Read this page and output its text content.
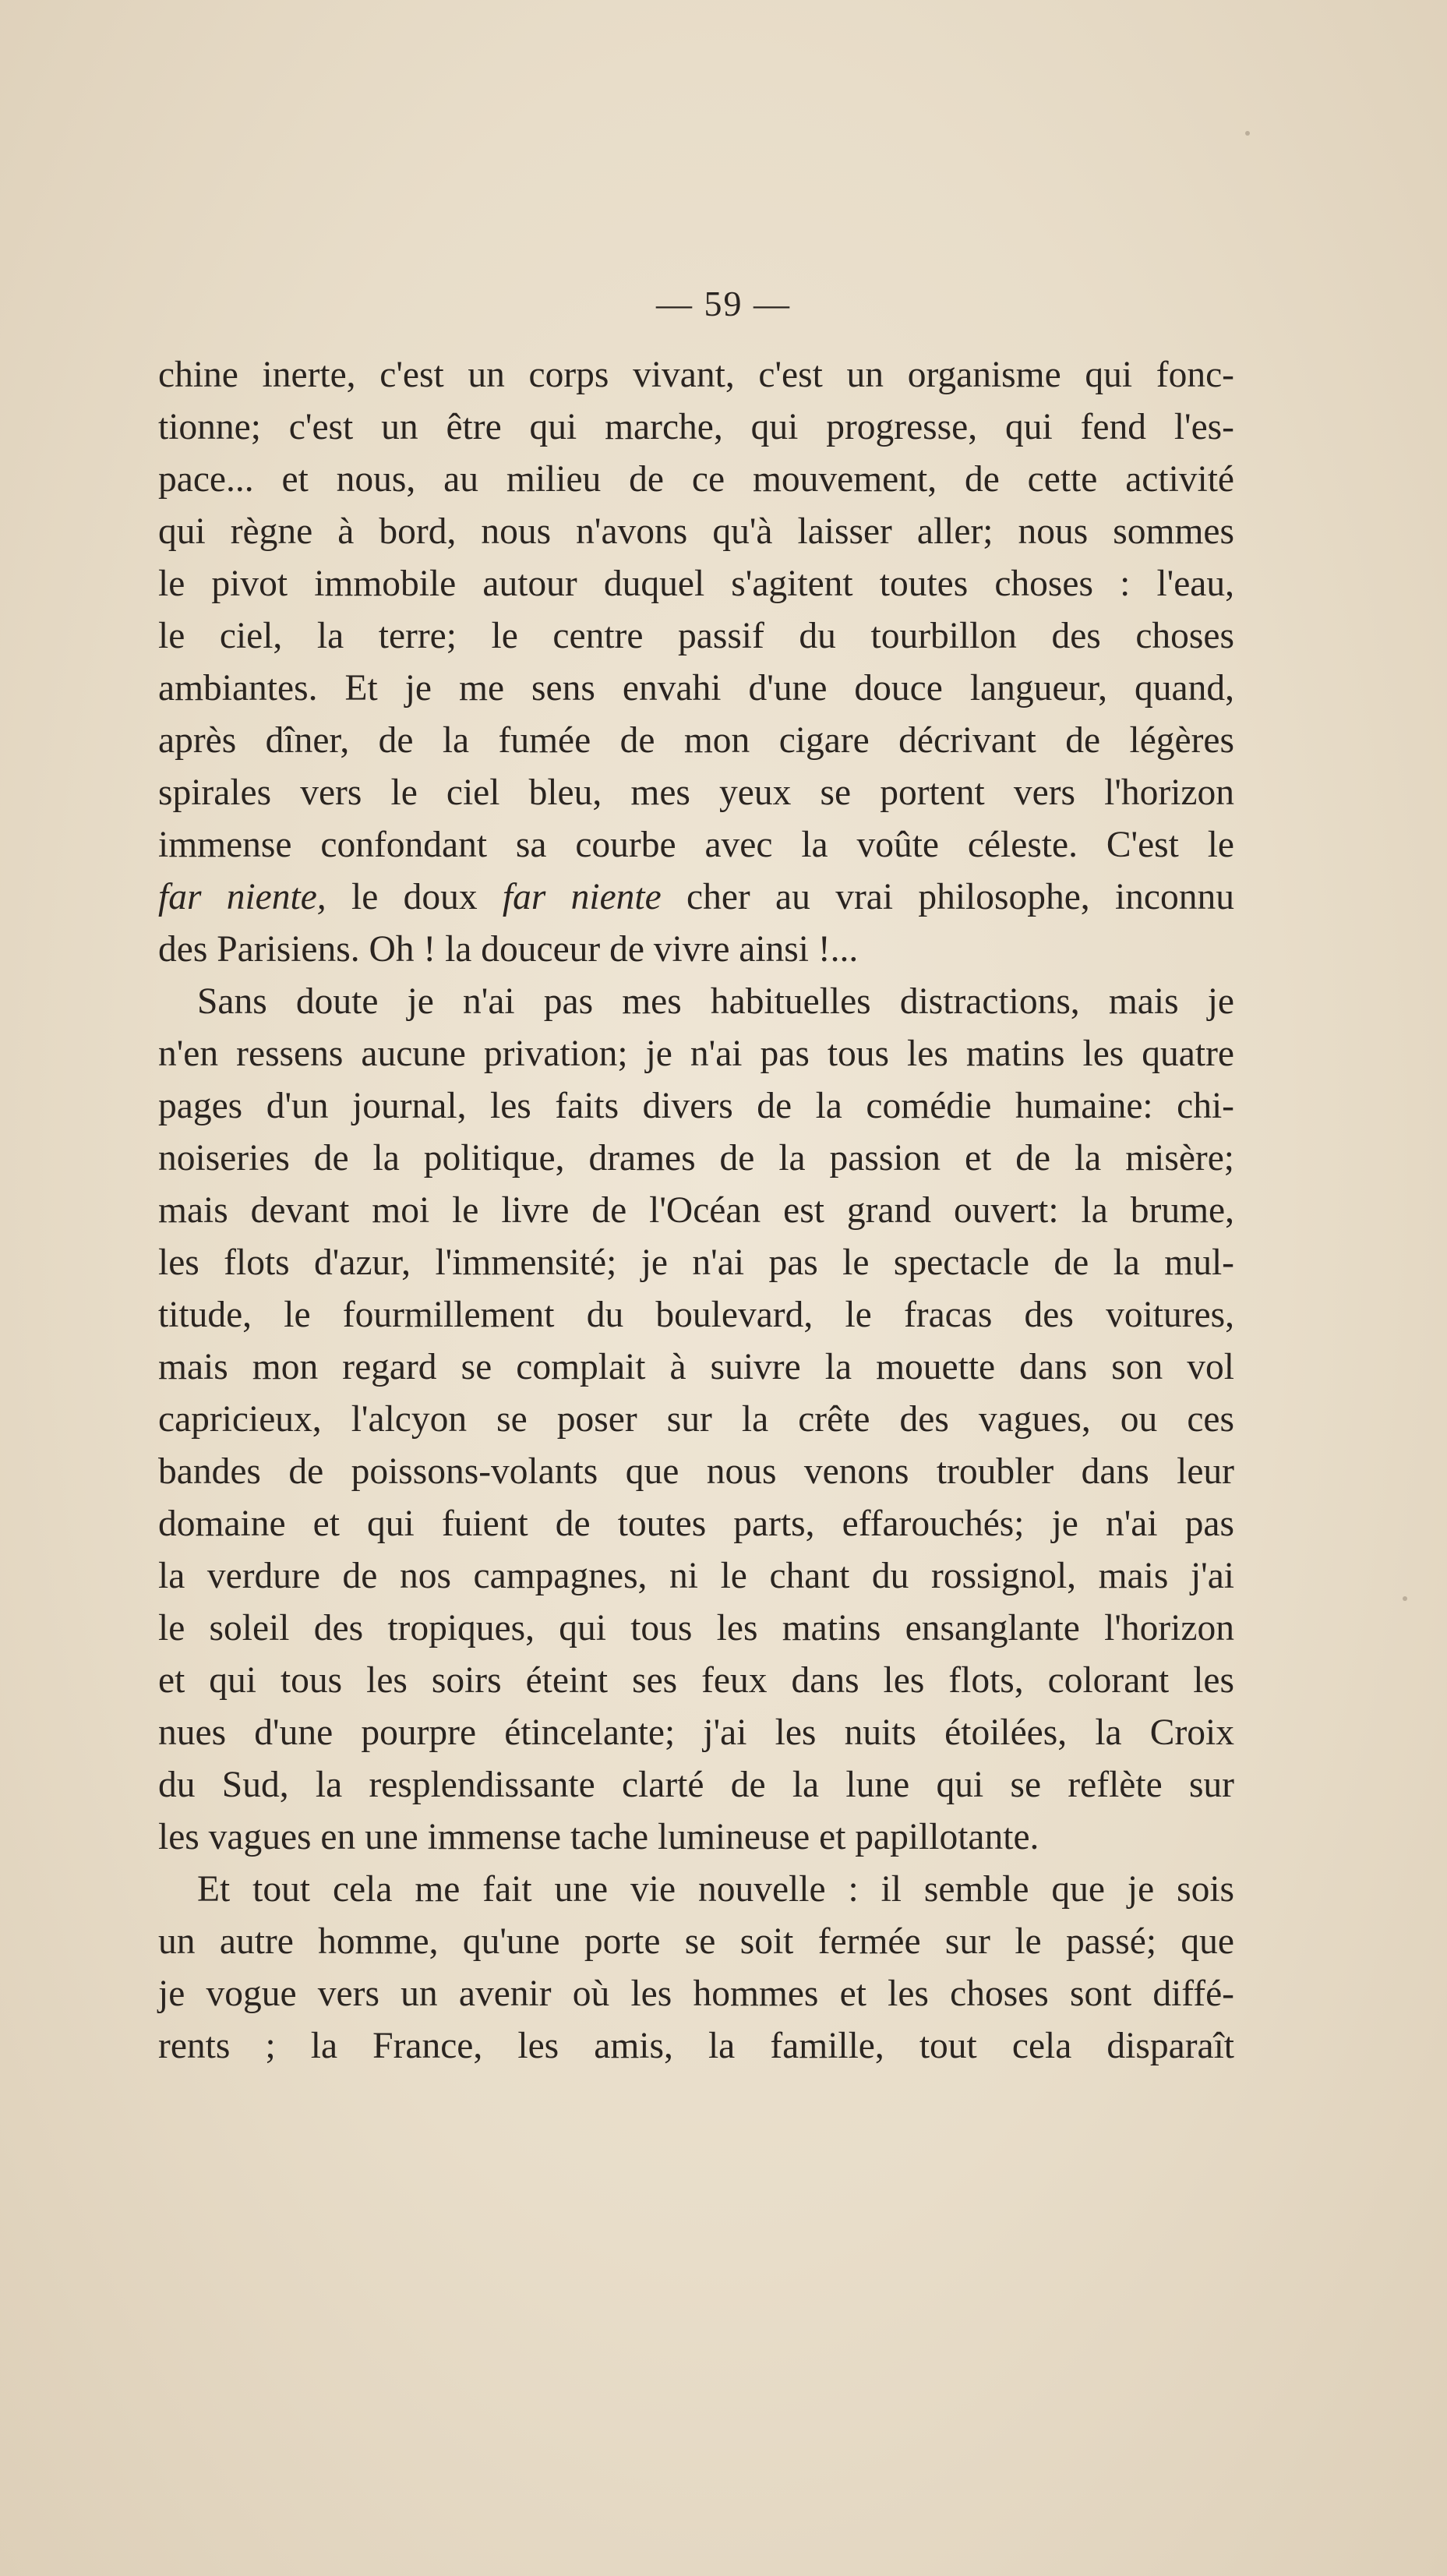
— 59 —
chine inerte, c'est un corps vivant, c'est un organisme qui fonc-
tionne; c'est un être qui marche, qui progresse, qui fend l'es-
pace... et nous, au milieu de ce mouvement, de cette activité
qui règne à bord, nous n'avons qu'à laisser aller; nous sommes
le pivot immobile autour duquel s'agitent toutes choses : l'eau,
le ciel, la terre; le centre passif du tourbillon des choses
ambiantes. Et je me sens envahi d'une douce langueur, quand,
après dîner, de la fumée de mon cigare décrivant de légères
spirales vers le ciel bleu, mes yeux se portent vers l'horizon
immense confondant sa courbe avec la voûte céleste. C'est le
far niente, le doux far niente cher au vrai philosophe, inconnu
des Parisiens. Oh ! la douceur de vivre ainsi !...
Sans doute je n'ai pas mes habituelles distractions, mais je
n'en ressens aucune privation; je n'ai pas tous les matins les quatre
pages d'un journal, les faits divers de la comédie humaine: chi-
noiseries de la politique, drames de la passion et de la misère;
mais devant moi le livre de l'Océan est grand ouvert: la brume,
les flots d'azur, l'immensité; je n'ai pas le spectacle de la mul-
titude, le fourmillement du boulevard, le fracas des voitures,
mais mon regard se complait à suivre la mouette dans son vol
capricieux, l'alcyon se poser sur la crête des vagues, ou ces
bandes de poissons-volants que nous venons troubler dans leur
domaine et qui fuient de toutes parts, effarouchés; je n'ai pas
la verdure de nos campagnes, ni le chant du rossignol, mais j'ai
le soleil des tropiques, qui tous les matins ensanglante l'horizon
et qui tous les soirs éteint ses feux dans les flots, colorant les
nues d'une pourpre étincelante; j'ai les nuits étoilées, la Croix
du Sud, la resplendissante clarté de la lune qui se reflète sur
les vagues en une immense tache lumineuse et papillotante.
Et tout cela me fait une vie nouvelle : il semble que je sois
un autre homme, qu'une porte se soit fermée sur le passé; que
je vogue vers un avenir où les hommes et les choses sont diffé-
rents ; la France, les amis, la famille, tout cela disparaît
